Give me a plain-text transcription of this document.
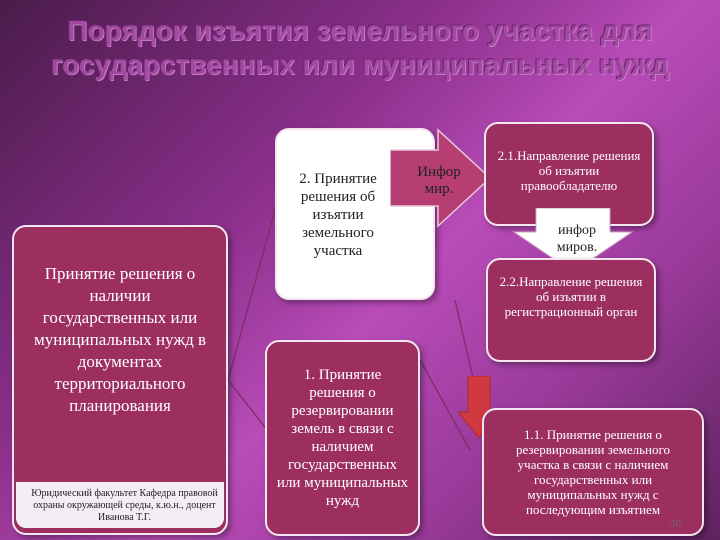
Порядок изъятия земельного участка для государственных или муниципальных нужд
Принятие решения о наличии государственных или муниципальных нужд в документах территориального планирования
Юридический факультет Кафедра правовой охраны окружающей среды, к.ю.н., доцент Иванова Т.Г.
2. Принятие решения об изъятии земельного участка
Инфор мир.
п. 1.1.
1. Принятие решения о резервировании земель в связи с наличием государственных или муниципальных нужд
2.1.Направление решения об изъятии правообладателю
инфор миров.
2.2.Направление решения об изъятии в регистрационный орган
1.1. Принятие решения о резервировании земельного участка в связи с наличием государственных или муниципальных нужд с последующим изъятием
30
